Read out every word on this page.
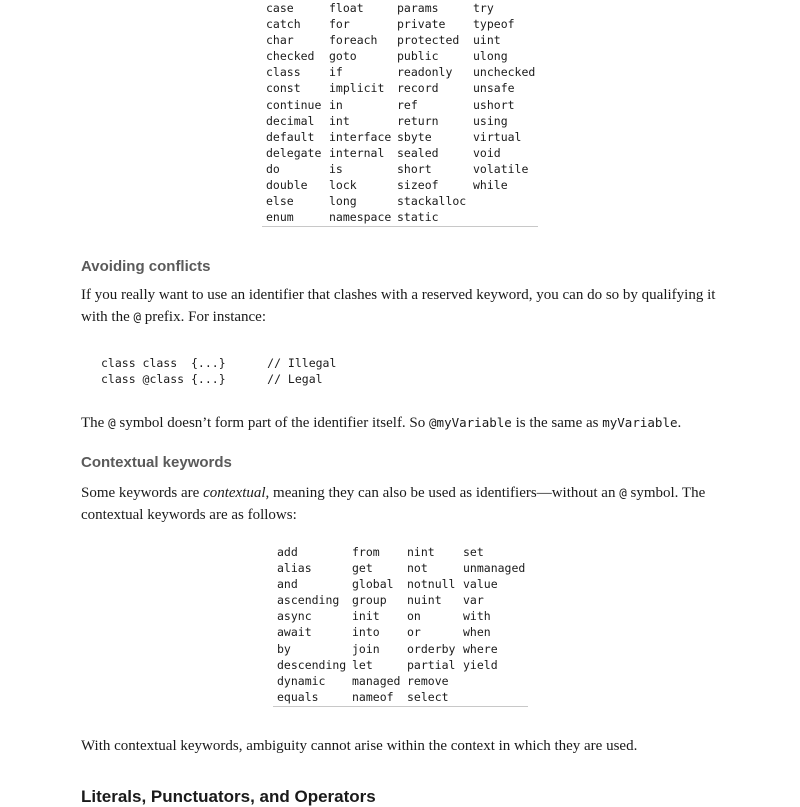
case	float	params	try
catch	for	private	typeof
char	foreach	protected	uint
checked	goto	public	ulong
class	if	readonly	unchecked
const	implicit	record	unsafe
continue	in	ref	ushort
decimal	int	return	using
default	interface	sbyte	virtual
delegate	internal	sealed	void
do	is	short	volatile
double	lock	sizeof	while
else	long	stackalloc	
enum	namespace	static	
Avoiding conflicts

If you really want to use an identifier that clashes with a reserved keyword, you can do so by qualifying it with the @ prefix. For instance:

class class  {...}      // Illegal
class @class {...}      // Legal

The @ symbol doesn’t form part of the identifier itself. So @myVariable is the same as myVariable.

Contextual keywords

Some keywords are contextual, meaning they can also be used as identifiers—without an @ symbol. The contextual keywords are as follows:

add	from	nint	set
alias	get	not	unmanaged
and	global	notnull	value
ascending	group	nuint	var
async	init	on	with
await	into	or	when
by	join	orderby	where
descending	let	partial	yield
dynamic	managed	remove	
equals	nameof	select	

With contextual keywords, ambiguity cannot arise within the context in which they are used.

Literals, Punctuators, and Operators
